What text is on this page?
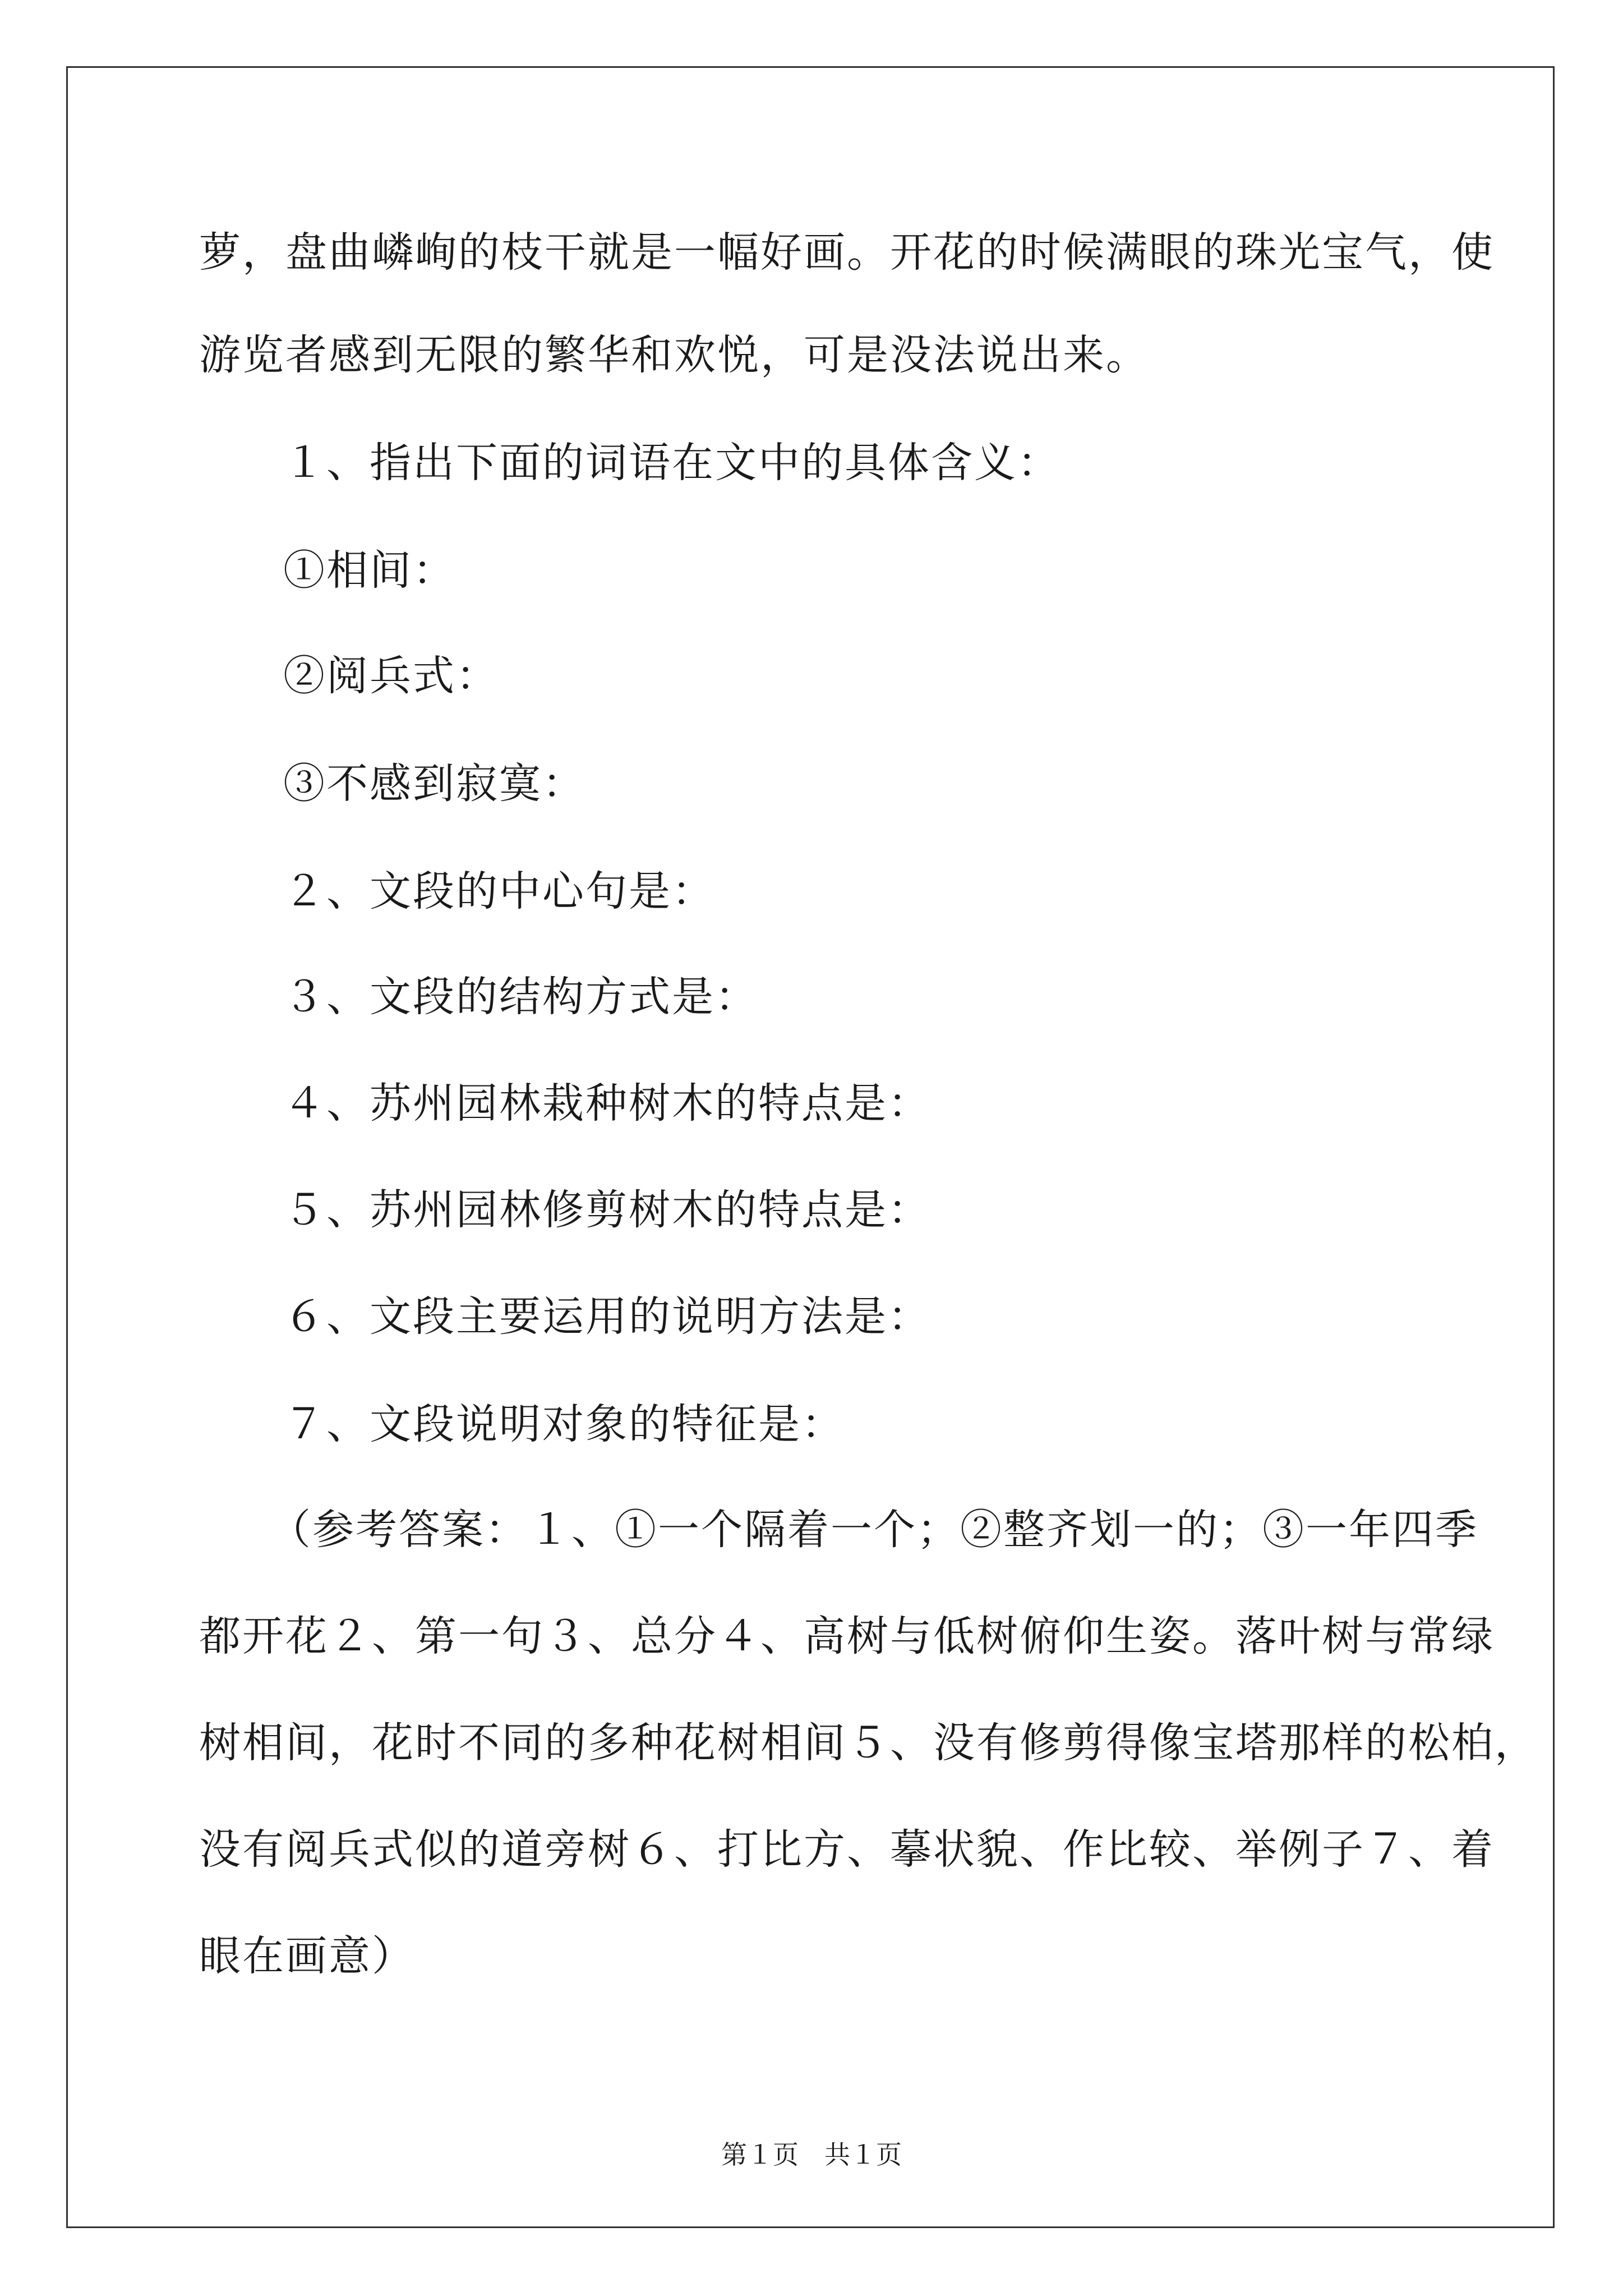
萝，盘曲嶙峋的枝干就是一幅好画。开花的时候满眼的珠光宝气，使
游览者感到无限的繁华和欢悦，可是没法说出来。
１、指出下面的词语在文中的具体含义：
①相间：
②阅兵式：
③不感到寂寞：
２、文段的中心句是：
３、文段的结构方式是：
４、苏州园林栽种树木的特点是：
５、苏州园林修剪树木的特点是：
６、文段主要运用的说明方法是：
７、文段说明对象的特征是：
（参考答案：１、①一个隔着一个；②整齐划一的；③一年四季
都开花２、第一句３、总分４、高树与低树俯仰生姿。落叶树与常绿
树相间，花时不同的多种花树相间５、没有修剪得像宝塔那样的松柏，
没有阅兵式似的道旁树６、打比方、摹状貌、作比较、举例子７、着
眼在画意）
第１页　共１页
